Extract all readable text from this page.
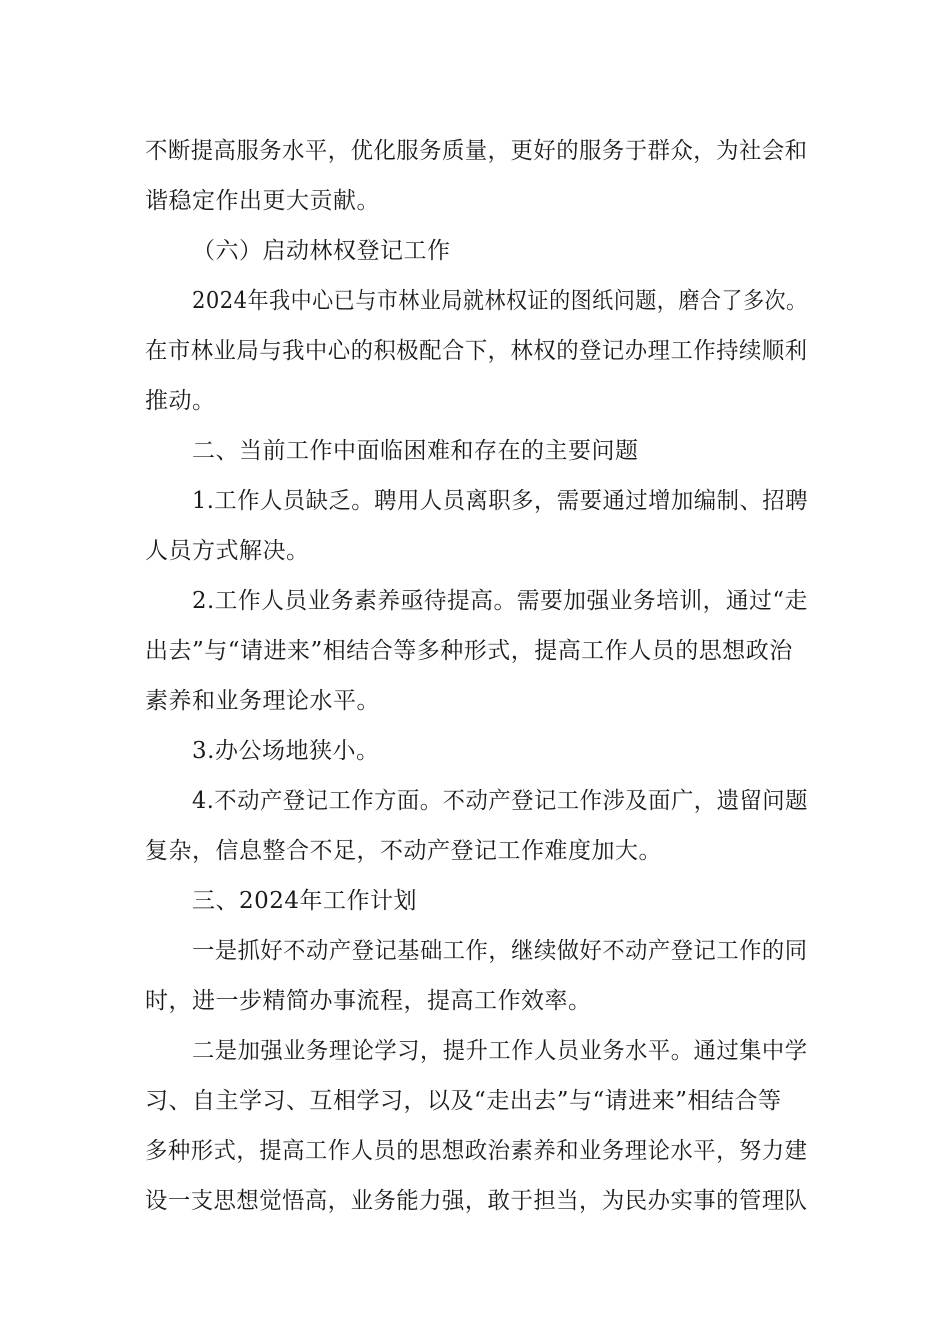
不断提高服务水平，优化服务质量，更好的服务于群众，为社会和
谐稳定作出更大贡献。
（六）启动林权登记工作
2024年我中心已与市林业局就林权证的图纸问题，磨合了多次。
在市林业局与我中心的积极配合下，林权的登记办理工作持续顺利
推动。
二、当前工作中面临困难和存在的主要问题
1.工作人员缺乏。聘用人员离职多，需要通过增加编制、招聘
人员方式解决。
2.工作人员业务素养亟待提高。需要加强业务培训，通过“走
出去”与“请进来”相结合等多种形式，提高工作人员的思想政治
素养和业务理论水平。
3.办公场地狭小。
4.不动产登记工作方面。不动产登记工作涉及面广，遗留问题
复杂，信息整合不足，不动产登记工作难度加大。
三、2024年工作计划
一是抓好不动产登记基础工作，继续做好不动产登记工作的同
时，进一步精简办事流程，提高工作效率。
二是加强业务理论学习，提升工作人员业务水平。通过集中学
习、自主学习、互相学习，以及“走出去”与“请进来”相结合等
多种形式，提高工作人员的思想政治素养和业务理论水平，努力建
设一支思想觉悟高，业务能力强，敢于担当，为民办实事的管理队
